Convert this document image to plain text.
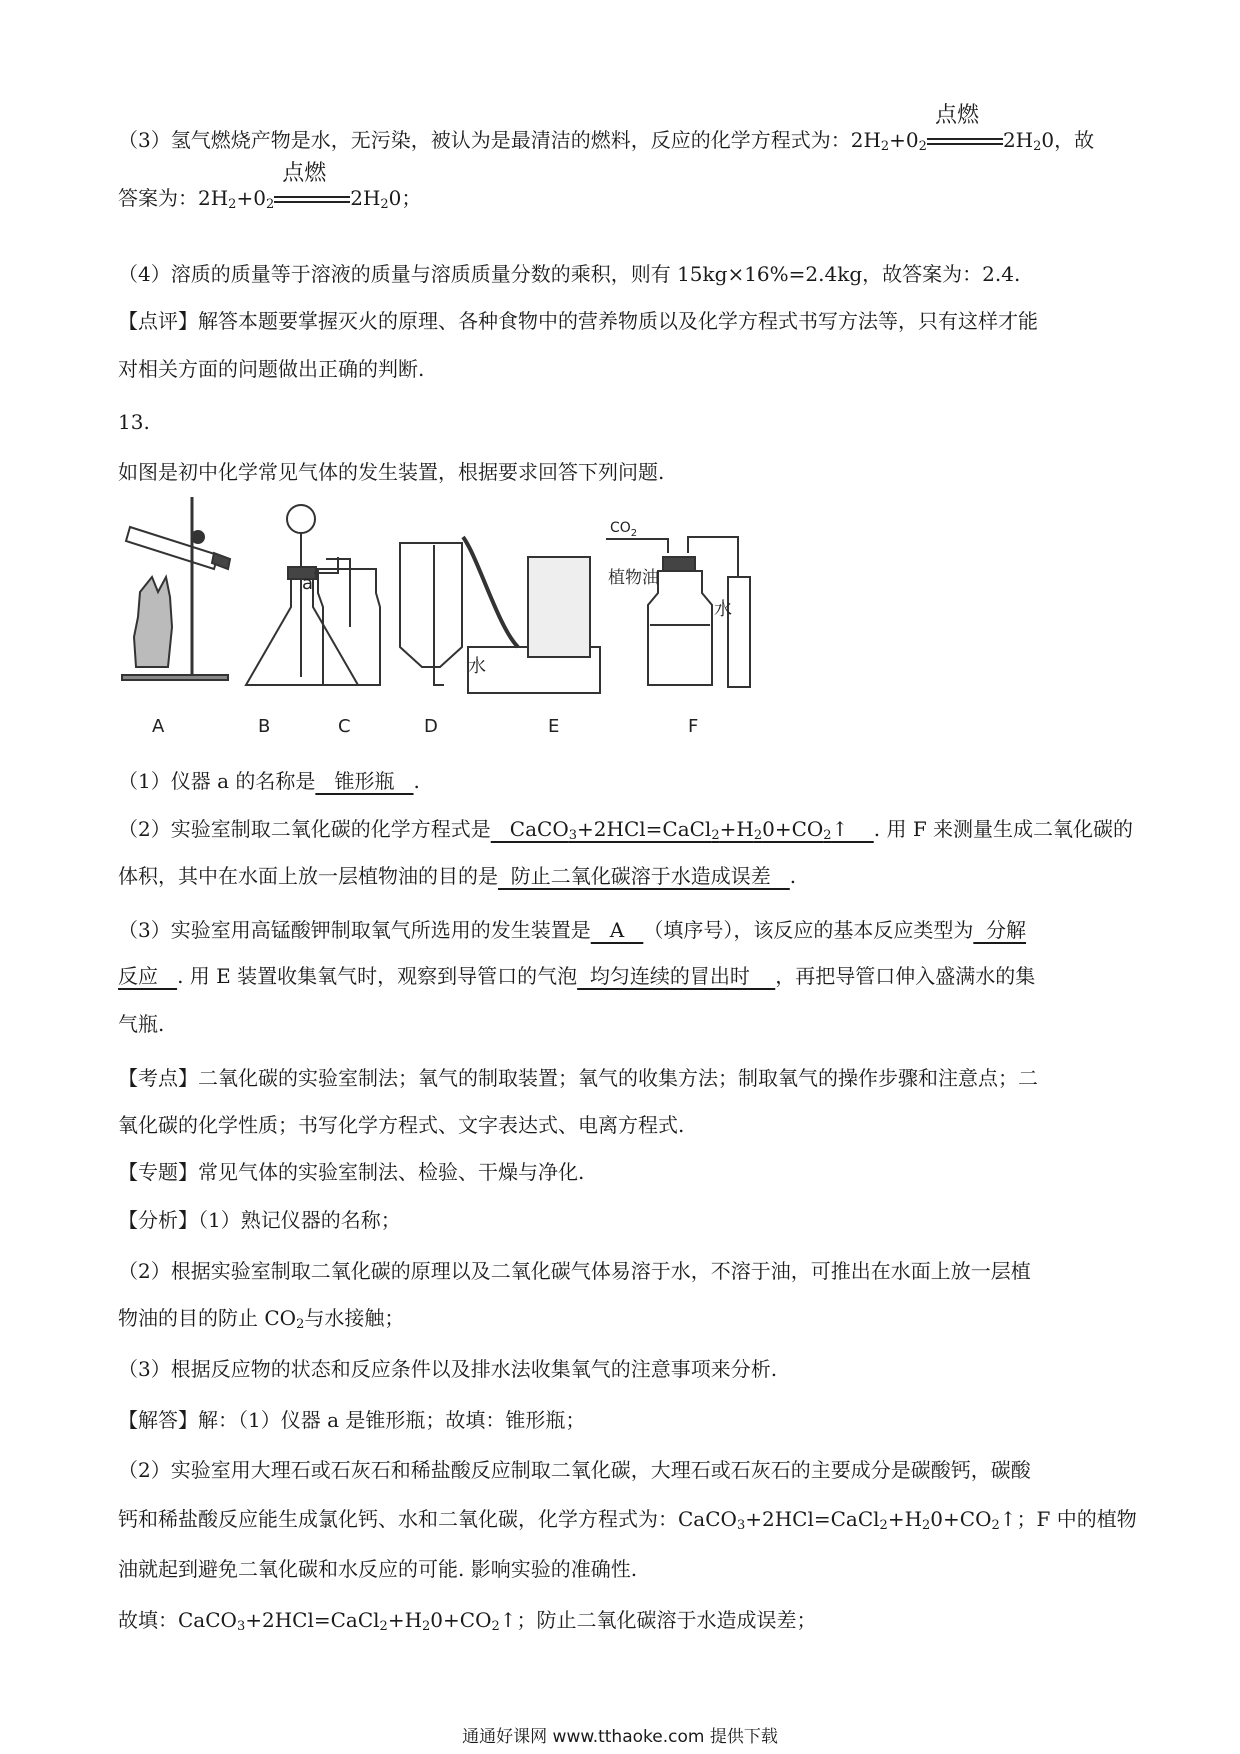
（3）氢气燃烧产物是水，无污染，被认为是最清洁的燃料，反应的化学方程式为：$2H_2+0_2$
点燃
$2H_20$，故
答案为：$2H_2+0_2$
点燃
$2H_20$；
（4）溶质的质量等于溶液的质量与溶质质量分数的乘积，则有 15kg×16%=2.4kg，故答案为：2.4.
【点评】解答本题要掌握灭火的原理、各种食物中的营养物质以及化学方程式书写方法等，只有这样才能
对相关方面的问题做出正确的判断.
13.
如图是初中化学常见气体的发生装置，根据要求回答下列问题.
a
水
$CO_2$
植物油
水
A	B	C	D	E	F
（1）仪器 a 的名称是   锥形瓶   .
（2）实验室制取二氧化碳的化学方程式是   $CaCO_3+2HCl=CaCl_2+H_20+CO_2↑$    . 用 F 来测量生成二氧化碳的
体积，其中在水面上放一层植物油的目的是  防止二氧化碳溶于水造成误差   .
（3）实验室用高锰酸钾制取氧气所选用的发生装置是   A   （填序号），该反应的基本反应类型为  分解
反应   . 用 E 装置收集氧气时，观察到导管口的气泡  均匀连续的冒出时    ，再把导管口伸入盛满水的集
气瓶.
【考点】二氧化碳的实验室制法；氧气的制取装置；氧气的收集方法；制取氧气的操作步骤和注意点；二
氧化碳的化学性质；书写化学方程式、文字表达式、电离方程式.
【专题】常见气体的实验室制法、检验、干燥与净化.
【分析】（1）熟记仪器的名称；
（2）根据实验室制取二氧化碳的原理以及二氧化碳气体易溶于水，不溶于油，可推出在水面上放一层植
物油的目的防止 $CO_2$与水接触；
（3）根据反应物的状态和反应条件以及排水法收集氧气的注意事项来分析.
【解答】解：（1）仪器 a 是锥形瓶；故填：锥形瓶；
（2）实验室用大理石或石灰石和稀盐酸反应制取二氧化碳，大理石或石灰石的主要成分是碳酸钙，碳酸
钙和稀盐酸反应能生成氯化钙、水和二氧化碳，化学方程式为：$CaCO_3+2HCl=CaCl_2+H_20+CO_2↑$；F 中的植物
油就起到避免二氧化碳和水反应的可能. 影响实验的准确性.
故填：$CaCO_3+2HCl=CaCl_2+H_20+CO_2↑$；防止二氧化碳溶于水造成误差；
通通好课网 www.tthaoke.com 提供下载
